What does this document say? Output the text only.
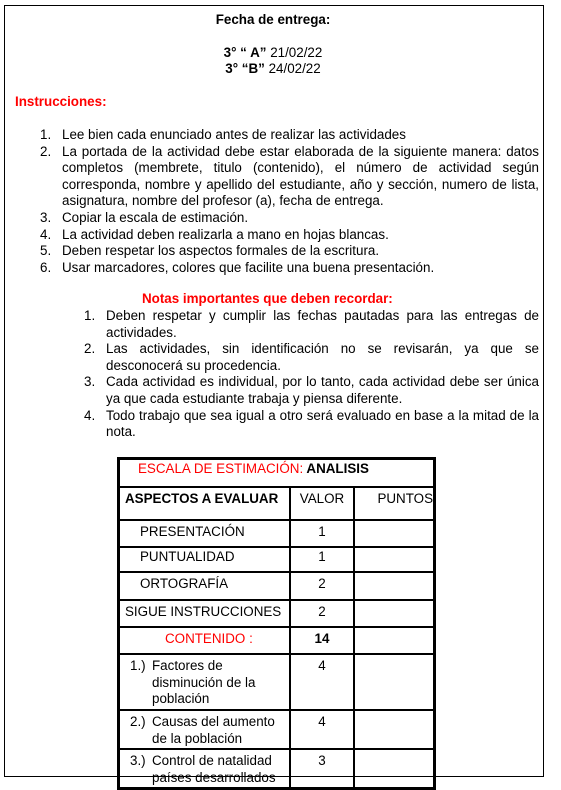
Fecha de entrega:
3° “ A” 21/02/22
3° “B” 24/02/22
Instrucciones:
1. Lee bien cada enunciado antes de realizar las actividades
2. La portada de la actividad debe estar elaborada de la siguiente manera: datos completos (membrete, titulo (contenido), el número de actividad según corresponda, nombre y apellido del estudiante, año y sección, numero de lista, asignatura, nombre del profesor (a), fecha de entrega.
3. Copiar la escala de estimación.
4. La actividad deben realizarla a mano en hojas blancas.
5. Deben respetar los aspectos formales de la escritura.
6. Usar marcadores, colores que facilite una buena presentación.
Notas importantes que deben recordar:
1. Deben respetar y cumplir las fechas pautadas para las entregas de actividades.
2. Las actividades, sin identificación no se revisarán, ya que se desconocerá su procedencia.
3. Cada actividad es individual, por lo tanto, cada actividad debe ser única ya que cada estudiante trabaja y piensa diferente.
4. Todo trabajo que sea igual a otro será evaluado en base a la mitad de la nota.
ESCALA DE ESTIMACIÓN: ANALISIS		
ASPECTOS A EVALUAR	VALOR	PUNTOS
PRESENTACIÓN	1	
PUNTUALIDAD	1	
ORTOGRAFÍA	2	
SIGUE INSTRUCCIONES	2	
CONTENIDO :	14	

1.) Factores de disminución de la población	4	

2.) Causas del aumento de la población	4	

3.) Control de natalidad países desarrollados	3	
